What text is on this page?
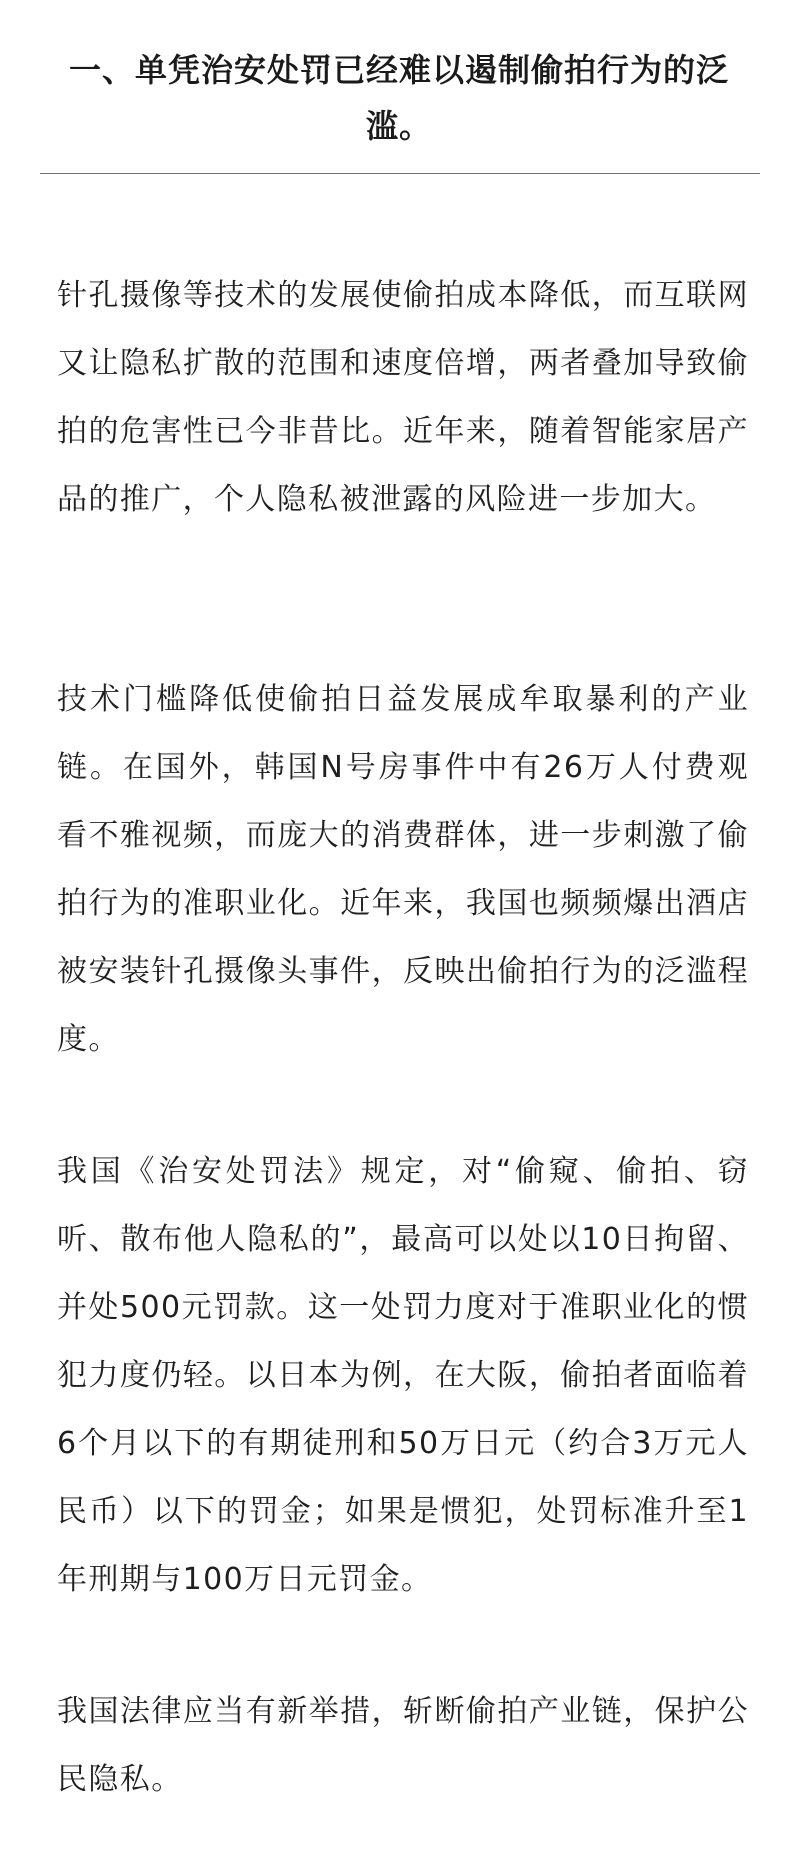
一、单凭治安处罚已经难以遏制偷拍行为的泛滥。

针孔摄像等技术的发展使偷拍成本降低，而互联网又让隐私扩散的范围和速度倍增，两者叠加导致偷拍的危害性已今非昔比。近年来，随着智能家居产品的推广，个人隐私被泄露的风险进一步加大。

技术门槛降低使偷拍日益发展成牟取暴利的产业链。在国外，韩国N号房事件中有26万人付费观看不雅视频，而庞大的消费群体，进一步刺激了偷拍行为的准职业化。近年来，我国也频频爆出酒店被安装针孔摄像头事件，反映出偷拍行为的泛滥程度。

我国《治安处罚法》规定，对“偷窥、偷拍、窃听、散布他人隐私的”，最高可以处以10日拘留、并处500元罚款。这一处罚力度对于准职业化的惯犯力度仍轻。以日本为例，在大阪，偷拍者面临着6个月以下的有期徒刑和50万日元（约合3万元人民币）以下的罚金；如果是惯犯，处罚标准升至1年刑期与100万日元罚金。

我国法律应当有新举措，斩断偷拍产业链，保护公民隐私。
